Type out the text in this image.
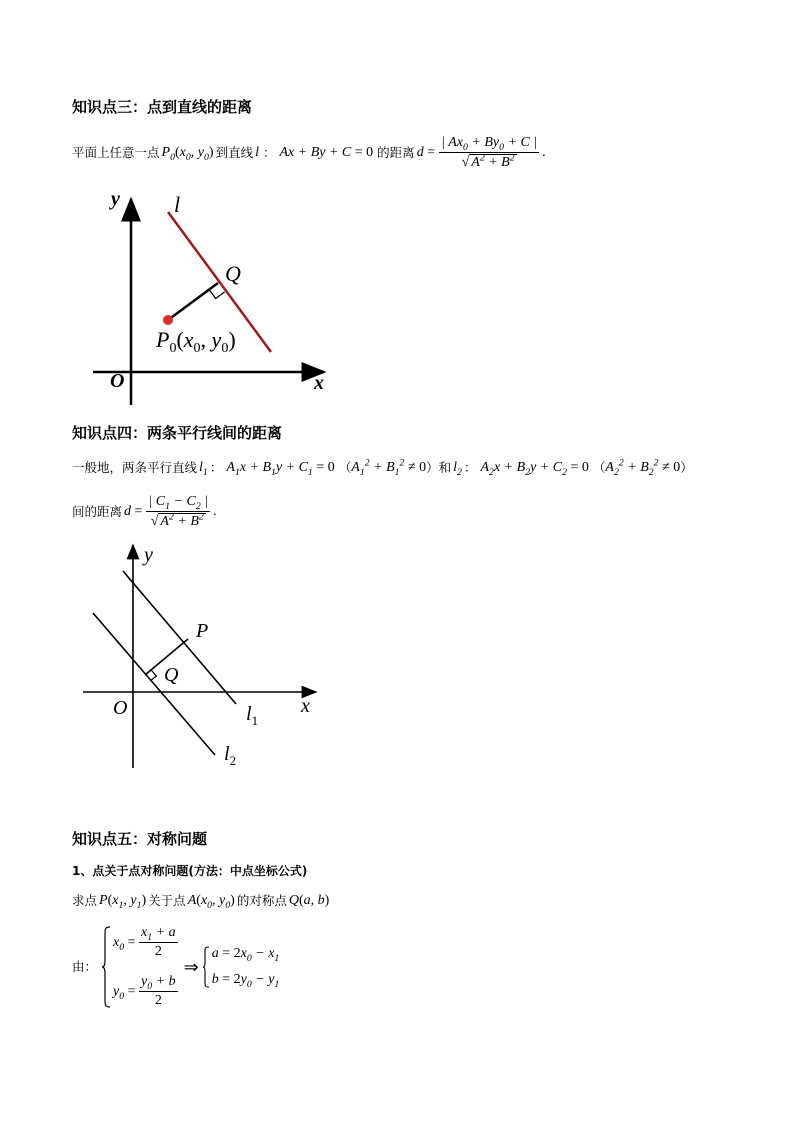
知识点三：点到直线的距离
平面上任意一点 $P_0(x_0$, $y_0$) 到直线 l ： Ax + By + C = 0 的距离 $d = \frac{| Ax_0 + By_0 + C |}{√ A^2 + B^2}$ .
y
x
O
l
Q
$P_0(x_0$, $y_0$)
知识点四：两条平行线间的距离
一般地，两条平行直线 $l_1$ ： $A_1x + B_1y + C_1 = 0$ （ $A_1^2 + B_1^2 \ne 0$ ） 和 $l_2$ ： $A_2x + B_2y + C_2 = 0$ （ $A_2^2 + B_2^2 \ne 0$ ）
间的距离 $d = \frac{| C_1 - C_2 |}{√ A^2 + B^2}$ .
y
x
O
P
Q
$l_1$
$l_2$
知识点五：对称问题
1、点关于点对称问题(方法：中点坐标公式)
求点 $P(x_1$, $y_1$) 关于点 $A(x_0$, $y_0$) 的对称点 Q(a, b)
由：
$x_0 = \frac{x_1 + a}{2}$
$y_0 = \frac{y_0 + b}{2}$
⇒
$a = 2x_0 - x_1$
$b = 2y_0 - y_1$
